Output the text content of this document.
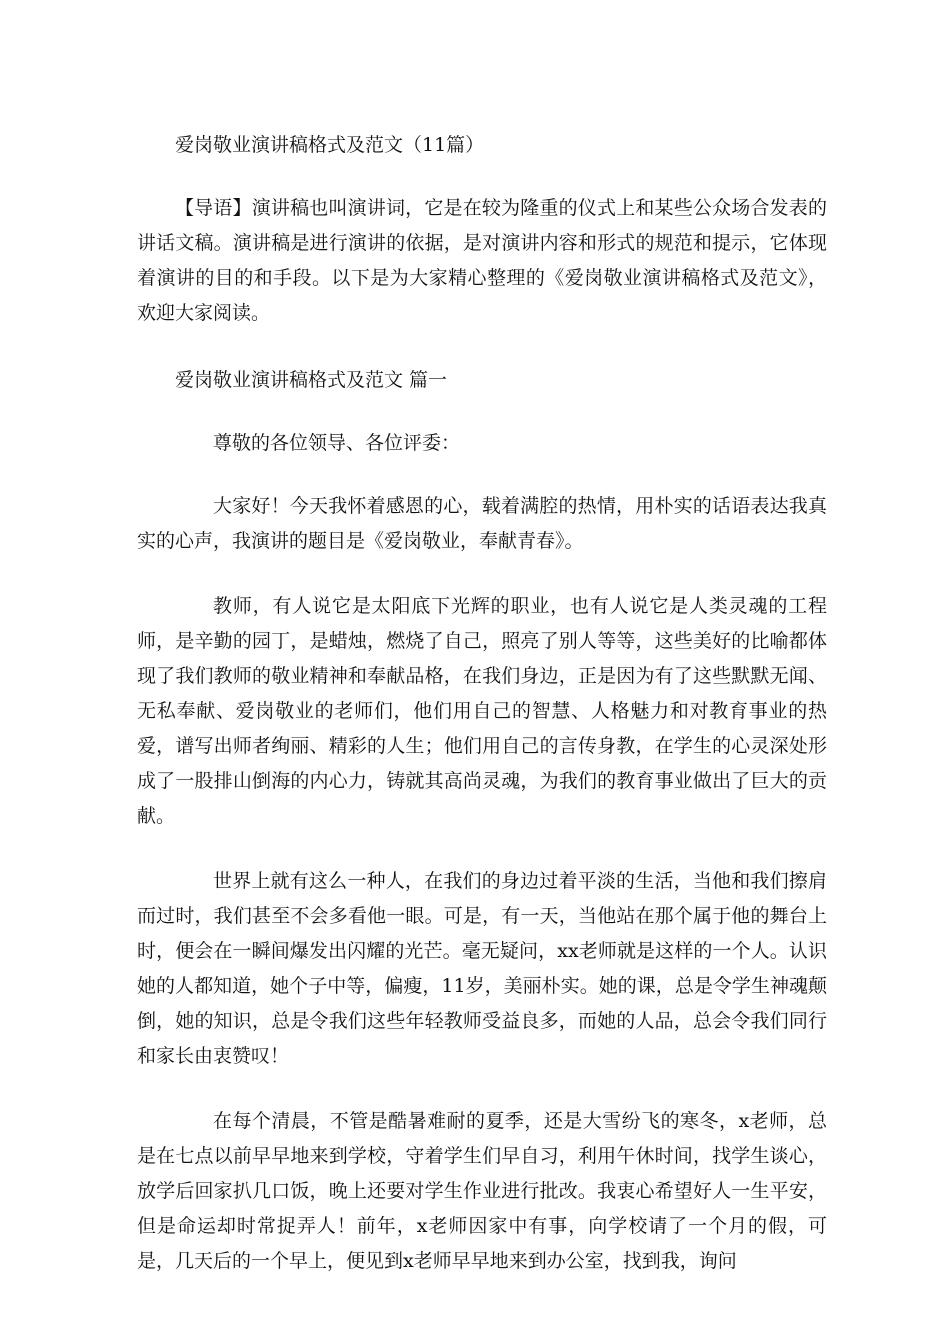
爱岗敬业演讲稿格式及范文（11篇）

【导语】演讲稿也叫演讲词，它是在较为隆重的仪式上和某些公众场合发表的讲话文稿。演讲稿是进行演讲的依据，是对演讲内容和形式的规范和提示，它体现着演讲的目的和手段。以下是为大家精心整理的《爱岗敬业演讲稿格式及范文》，欢迎大家阅读。

爱岗敬业演讲稿格式及范文 篇一

尊敬的各位领导、各位评委：

大家好！今天我怀着感恩的心，载着满腔的热情，用朴实的话语表达我真实的心声，我演讲的题目是《爱岗敬业，奉献青春》。

教师，有人说它是太阳底下光辉的职业，也有人说它是人类灵魂的工程师，是辛勤的园丁，是蜡烛，燃烧了自己，照亮了别人等等，这些美好的比喻都体现了我们教师的敬业精神和奉献品格，在我们身边，正是因为有了这些默默无闻、无私奉献、爱岗敬业的老师们，他们用自己的智慧、人格魅力和对教育事业的热爱，谱写出师者绚丽、精彩的人生；他们用自己的言传身教，在学生的心灵深处形成了一股排山倒海的内心力，铸就其高尚灵魂，为我们的教育事业做出了巨大的贡献。

世界上就有这么一种人，在我们的身边过着平淡的生活，当他和我们擦肩而过时，我们甚至不会多看他一眼。可是，有一天，当他站在那个属于他的舞台上时，便会在一瞬间爆发出闪耀的光芒。毫无疑问，xx老师就是这样的一个人。认识她的人都知道，她个子中等，偏瘦，11岁，美丽朴实。她的课，总是令学生神魂颠倒，她的知识，总是令我们这些年轻教师受益良多，而她的人品，总会令我们同行和家长由衷赞叹！

在每个清晨，不管是酷暑难耐的夏季，还是大雪纷飞的寒冬，x老师，总是在七点以前早早地来到学校，守着学生们早自习，利用午休时间，找学生谈心，放学后回家扒几口饭，晚上还要对学生作业进行批改。我衷心希望好人一生平安，但是命运却时常捉弄人！前年，x老师因家中有事，向学校请了一个月的假，可是，几天后的一个早上，便见到x老师早早地来到办公室，找到我，询问
